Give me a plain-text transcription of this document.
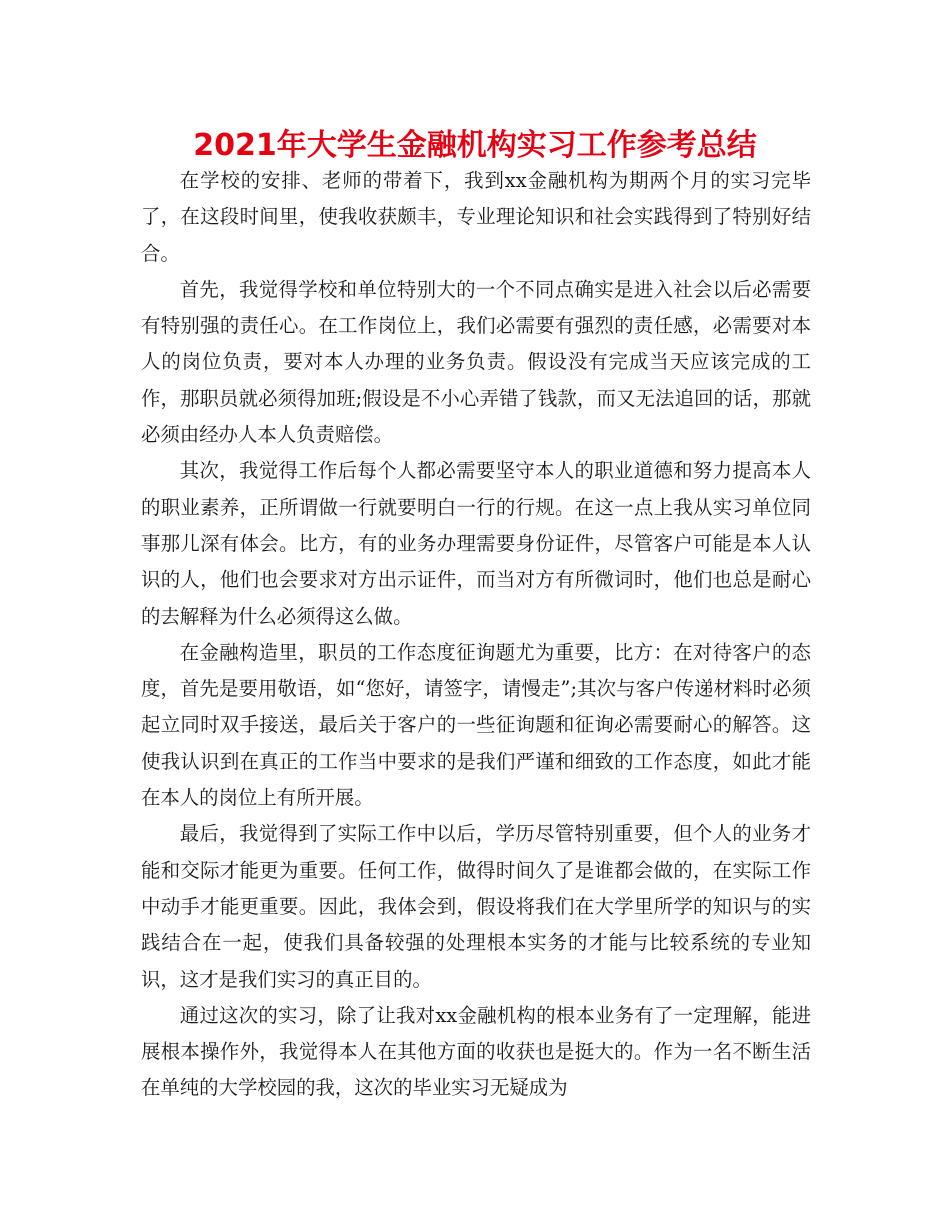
2021年大学生金融机构实习工作参考总结

在学校的安排、老师的带着下，我到xx金融机构为期两个月的实习完毕了，在这段时间里，使我收获颇丰，专业理论知识和社会实践得到了特别好结合。

首先，我觉得学校和单位特别大的一个不同点确实是进入社会以后必需要有特别强的责任心。在工作岗位上，我们必需要有强烈的责任感，必需要对本人的岗位负责，要对本人办理的业务负责。假设没有完成当天应该完成的工作，那职员就必须得加班;假设是不小心弄错了钱款，而又无法追回的话，那就必须由经办人本人负责赔偿。

其次，我觉得工作后每个人都必需要坚守本人的职业道德和努力提高本人的职业素养，正所谓做一行就要明白一行的行规。在这一点上我从实习单位同事那儿深有体会。比方，有的业务办理需要身份证件，尽管客户可能是本人认识的人，他们也会要求对方出示证件，而当对方有所微词时，他们也总是耐心的去解释为什么必须得这么做。

在金融构造里，职员的工作态度征询题尤为重要，比方：在对待客户的态度，首先是要用敬语，如“您好，请签字，请慢走”;其次与客户传递材料时必须起立同时双手接送，最后关于客户的一些征询题和征询必需要耐心的解答。这使我认识到在真正的工作当中要求的是我们严谨和细致的工作态度，如此才能在本人的岗位上有所开展。

最后，我觉得到了实际工作中以后，学历尽管特别重要，但个人的业务才能和交际才能更为重要。任何工作，做得时间久了是谁都会做的，在实际工作中动手才能更重要。因此，我体会到，假设将我们在大学里所学的知识与的实践结合在一起，使我们具备较强的处理根本实务的才能与比较系统的专业知识，这才是我们实习的真正目的。

通过这次的实习，除了让我对xx金融机构的根本业务有了一定理解，能进展根本操作外，我觉得本人在其他方面的收获也是挺大的。作为一名不断生活在单纯的大学校园的我，这次的毕业实习无疑成为
